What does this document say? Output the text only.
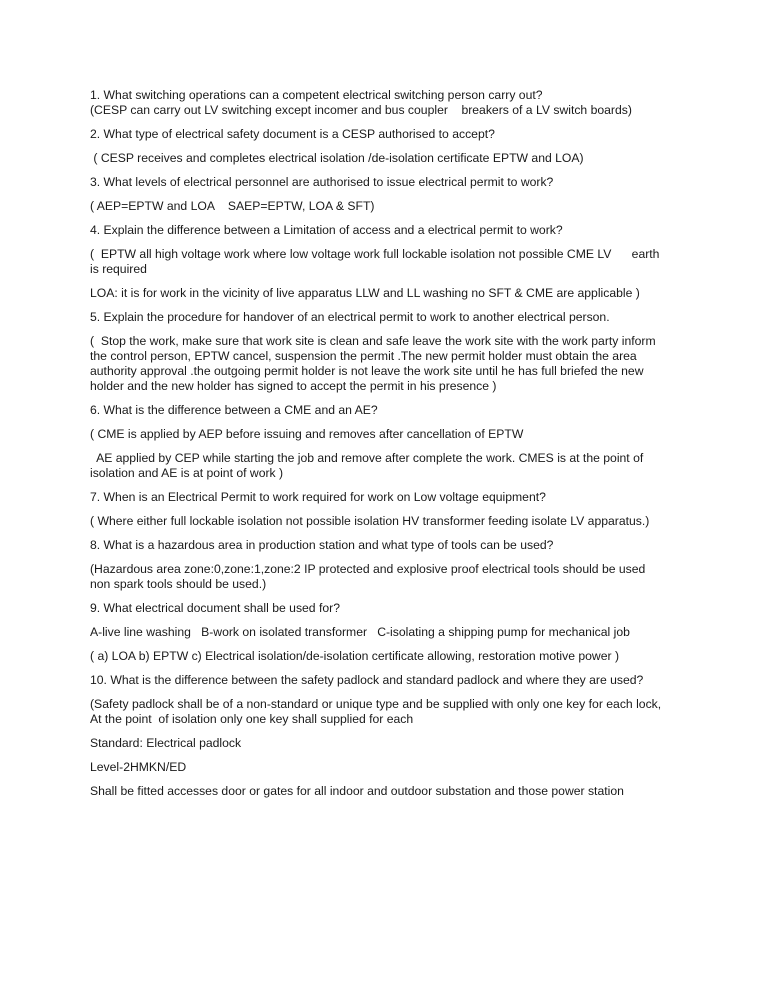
1. What switching operations can a competent electrical switching person carry out?
(CESP can carry out LV switching except incomer and bus coupler    breakers of a LV switch boards)
2. What type of electrical safety document is a CESP authorised to accept?
( CESP receives and completes electrical isolation /de-isolation certificate EPTW and LOA)
3. What levels of electrical personnel are authorised to issue electrical permit to work?
( AEP=EPTW and LOA    SAEP=EPTW, LOA & SFT)
4. Explain the difference between a Limitation of access and a electrical permit to work?
(  EPTW all high voltage work where low voltage work full lockable isolation not possible CME LV      earth
is required
LOA: it is for work in the vicinity of live apparatus LLW and LL washing no SFT & CME are applicable )
5. Explain the procedure for handover of an electrical permit to work to another electrical person.
(  Stop the work, make sure that work site is clean and safe leave the work site with the work party inform
the control person, EPTW cancel, suspension the permit .The new permit holder must obtain the area
authority approval .the outgoing permit holder is not leave the work site until he has full briefed the new
holder and the new holder has signed to accept the permit in his presence )
6. What is the difference between a CME and an AE?
( CME is applied by AEP before issuing and removes after cancellation of EPTW
AE applied by CEP while starting the job and remove after complete the work. CMES is at the point of
isolation and AE is at point of work )
7. When is an Electrical Permit to work required for work on Low voltage equipment?
( Where either full lockable isolation not possible isolation HV transformer feeding isolate LV apparatus.)
8. What is a hazardous area in production station and what type of tools can be used?
(Hazardous area zone:0,zone:1,zone:2 IP protected and explosive proof electrical tools should be used
non spark tools should be used.)
9. What electrical document shall be used for?
A-live line washing   B-work on isolated transformer   C-isolating a shipping pump for mechanical job
( a) LOA b) EPTW c) Electrical isolation/de-isolation certificate allowing, restoration motive power )
10. What is the difference between the safety padlock and standard padlock and where they are used?
(Safety padlock shall be of a non-standard or unique type and be supplied with only one key for each lock,
At the point  of isolation only one key shall supplied for each
Standard: Electrical padlock
Level-2HMKN/ED
Shall be fitted accesses door or gates for all indoor and outdoor substation and those power station
